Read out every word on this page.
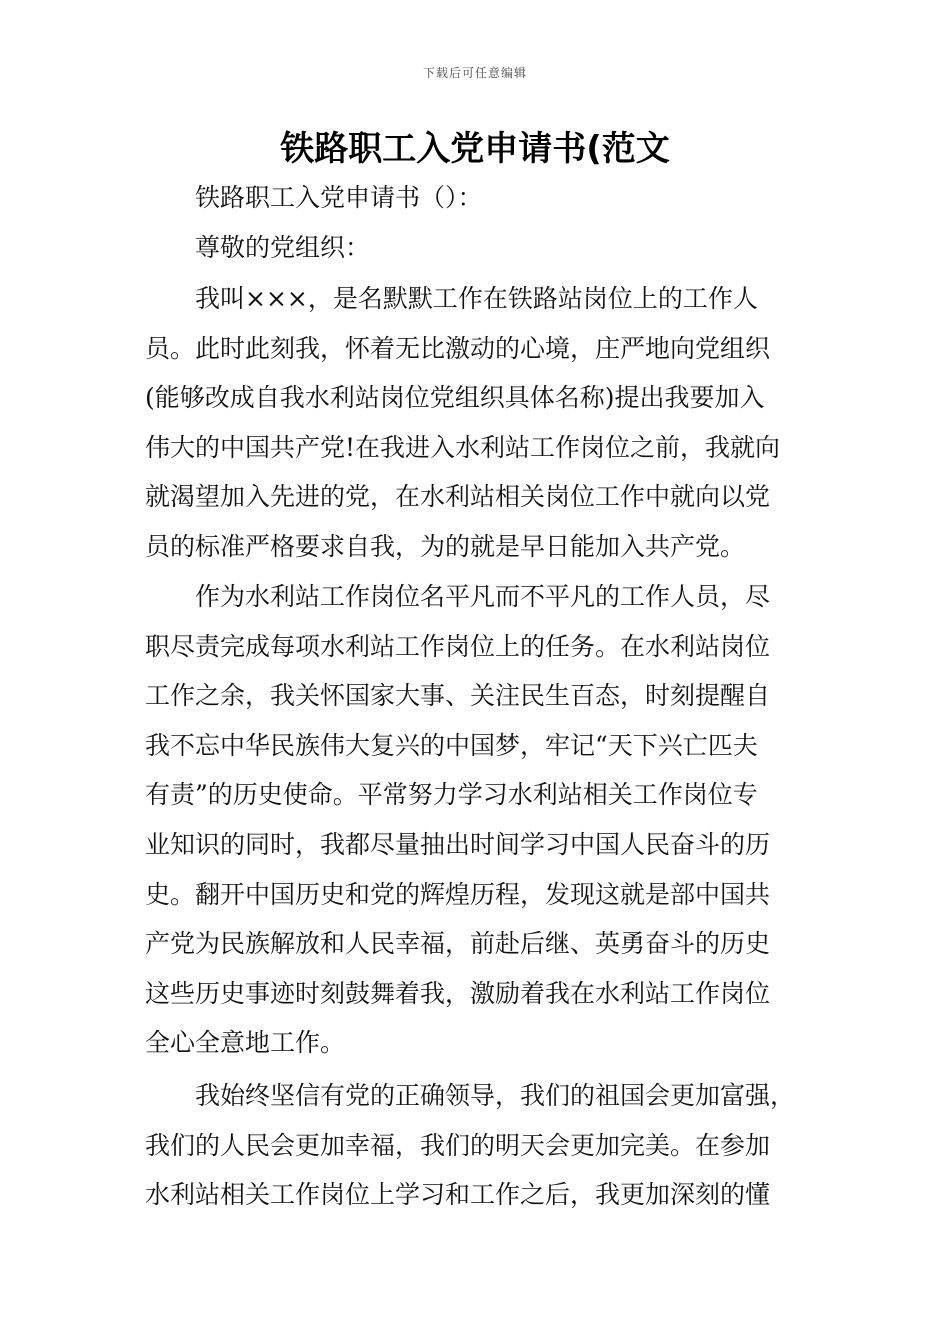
下载后可任意编辑
铁路职工入党申请书(范文
铁路职工入党申请书（）：
尊敬的党组织：
我叫×××，是名默默工作在铁路站岗位上的工作人
员。此时此刻我，怀着无比激动的心境，庄严地向党组织
(能够改成自我水利站岗位党组织具体名称)提出我要加入
伟大的中国共产党!在我进入水利站工作岗位之前，我就向
就渴望加入先进的党，在水利站相关岗位工作中就向以党
员的标准严格要求自我，为的就是早日能加入共产党。
作为水利站工作岗位名平凡而不平凡的工作人员，尽
职尽责完成每项水利站工作岗位上的任务。在水利站岗位
工作之余，我关怀国家大事、关注民生百态，时刻提醒自
我不忘中华民族伟大复兴的中国梦，牢记“天下兴亡匹夫
有责”的历史使命。平常努力学习水利站相关工作岗位专
业知识的同时，我都尽量抽出时间学习中国人民奋斗的历
史。翻开中国历史和党的辉煌历程，发现这就是部中国共
产党为民族解放和人民幸福，前赴后继、英勇奋斗的历史
这些历史事迹时刻鼓舞着我，激励着我在水利站工作岗位
全心全意地工作。
我始终坚信有党的正确领导，我们的祖国会更加富强，
我们的人民会更加幸福，我们的明天会更加完美。在参加
水利站相关工作岗位上学习和工作之后，我更加深刻的懂
